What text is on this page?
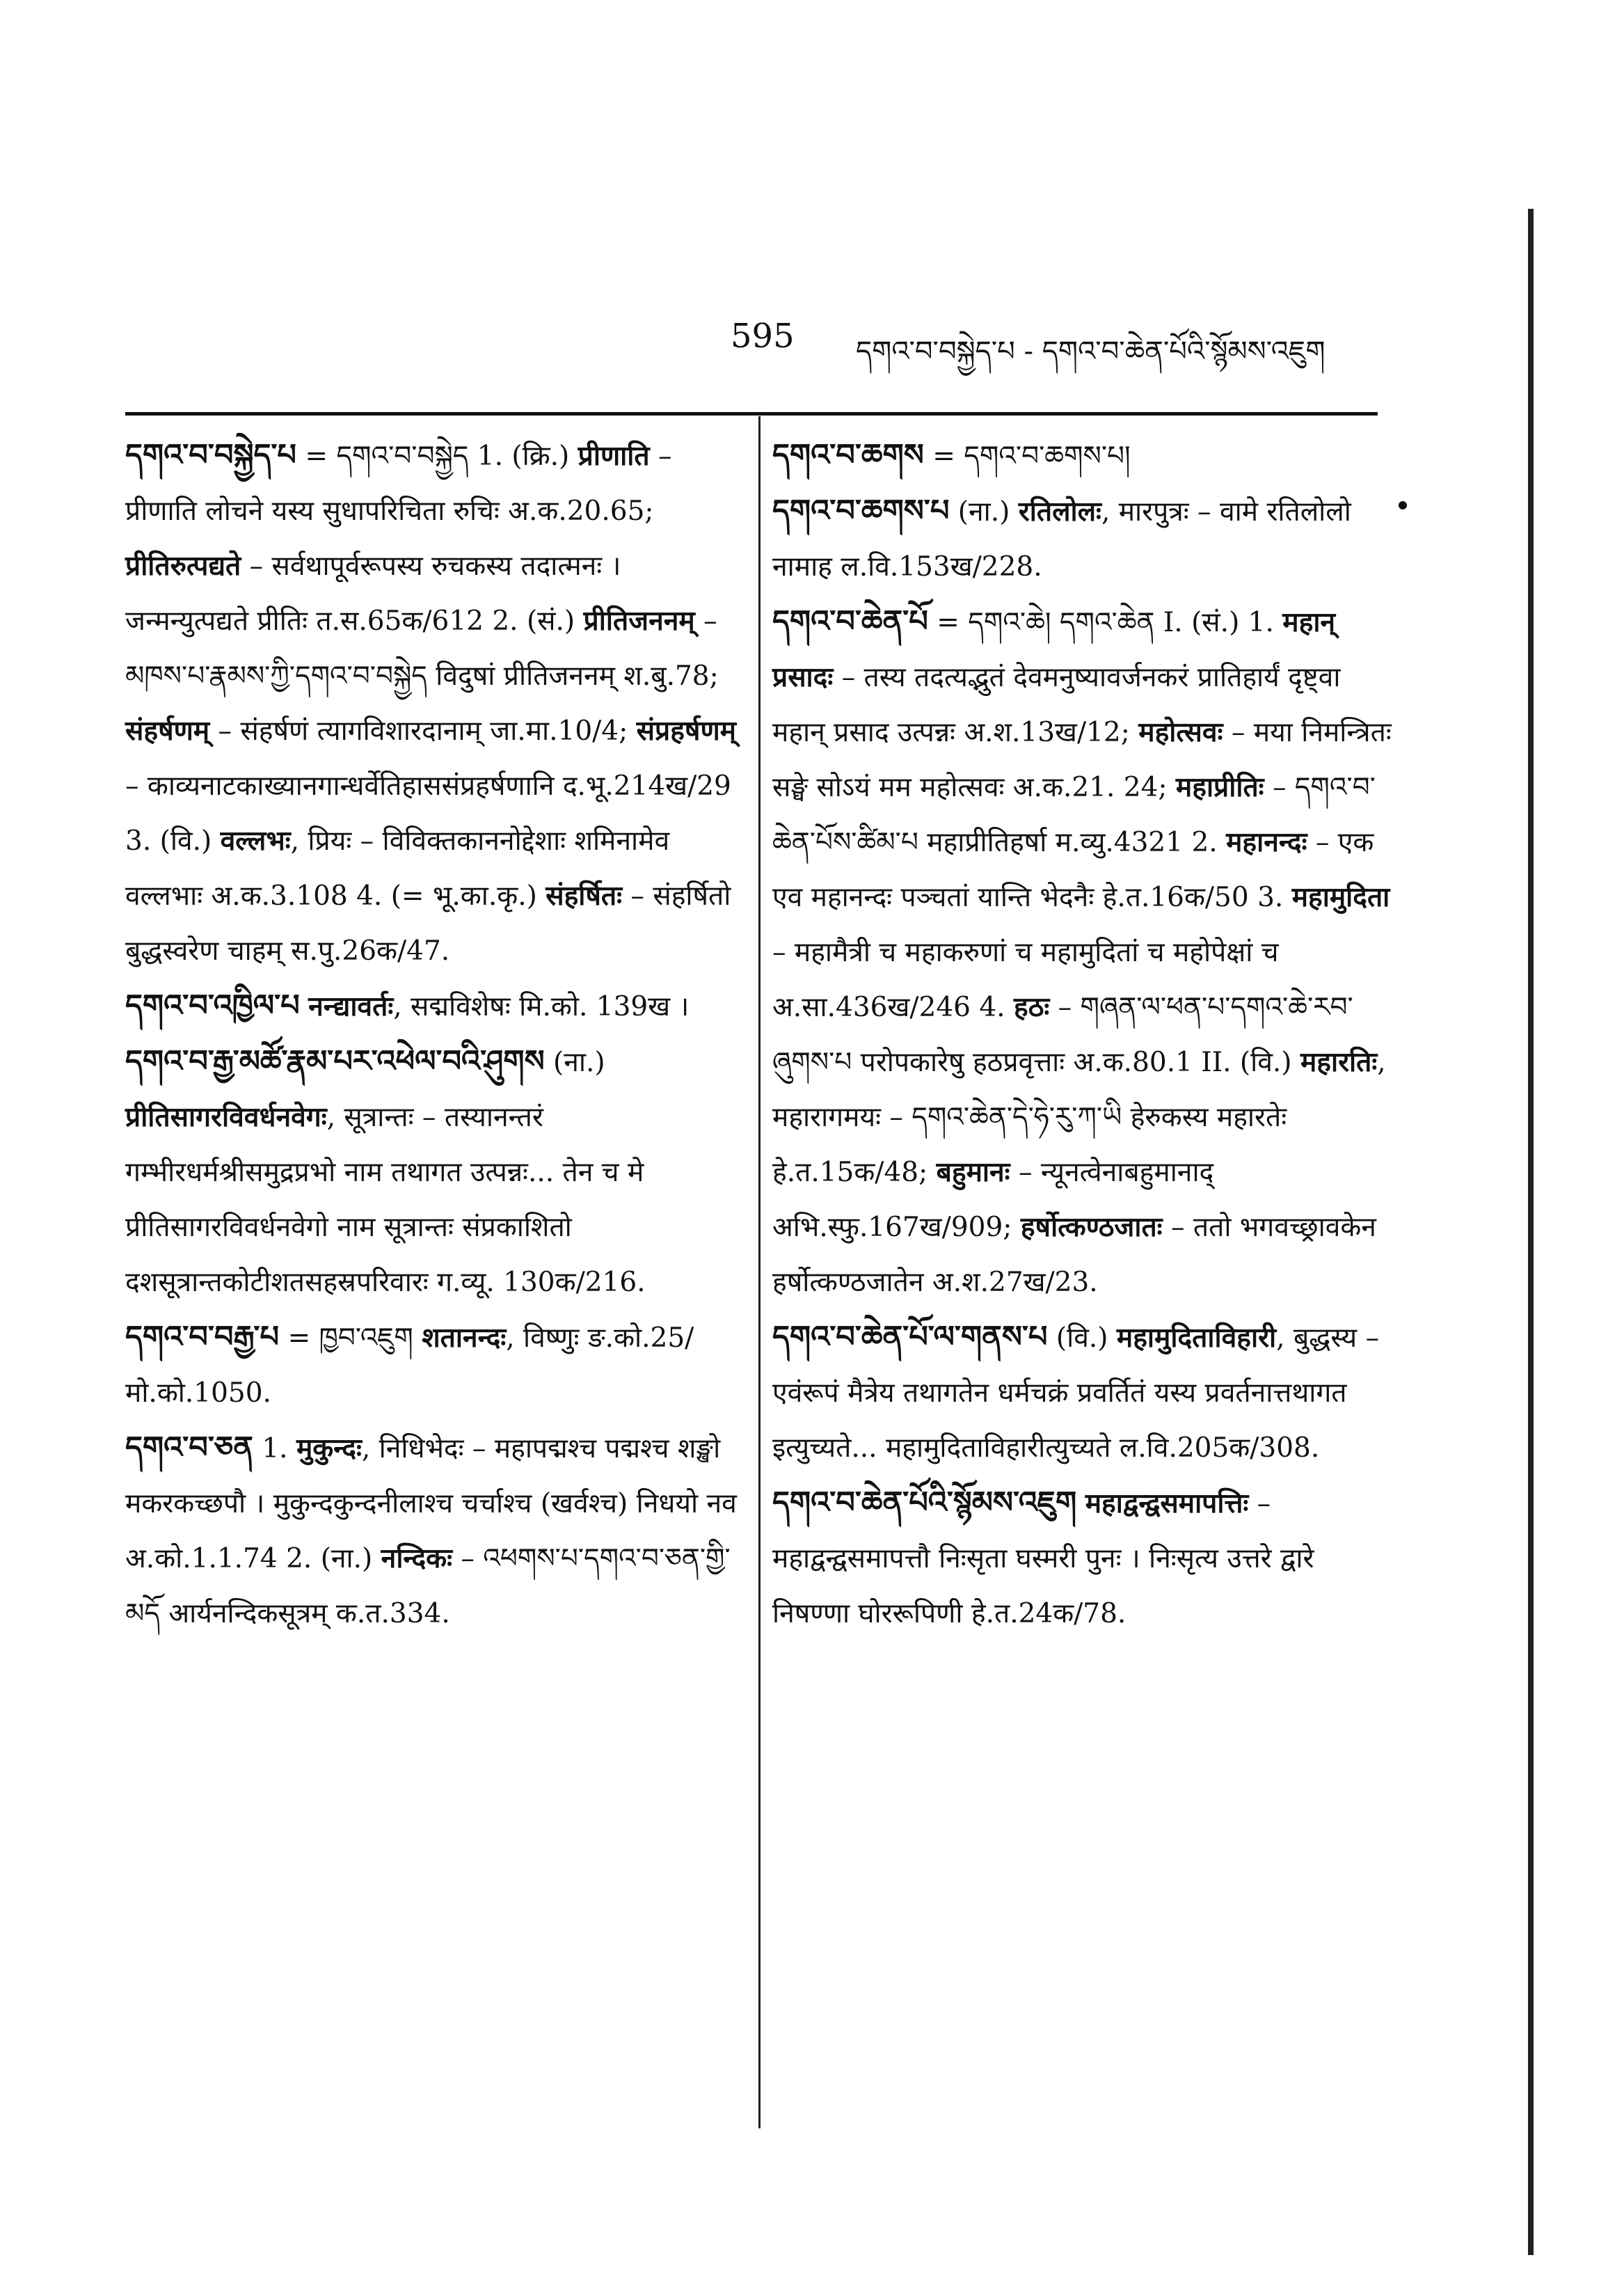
595 དགའ་བ་བསྐྱེད་པ - དགའ་བ་ཆེན་པོའི་སྙོམས་འཇུག

དགའ་བ་བསྐྱེད་པ = དགའ་བ་བསྐྱེད 1. (क्रि.) प्रीणाति – प्रीणाति लोचने यस्य सुधापरिचिता रुचिः अ.क.20.65; प्रीतिरुत्पद्यते – सर्वथापूर्वरूपस्य रुचकस्य तदात्मनः । जन्मन्युत्पद्यते प्रीतिः त.स.65क/612 2. (सं.) प्रीतिजननम् – མཁས་པ་རྣམས་ཀྱི་དགའ་བ་བསྐྱེད विदुषां प्रीतिजननम् श.बु.78; संहर्षणम् – संहर्षणं त्यागविशारदानाम् जा.मा.10/4; संप्रहर्षणम् – काव्यनाटकाख्यानगान्धर्वेतिहाससंप्रहर्षणानि द.भू.214ख/29 3. (वि.) वल्लभः, प्रियः – विविक्तकाननोद्देशाः शमिनामेव वल्लभाः अ.क.3.108 4. (= भू.का.कृ.) संहर्षितः – संहर्षितो बुद्धस्वरेण चाहम् स.पु.26क/47.

དགའ་བ་འཁྱིལ་པ नन्द्यावर्तः, सद्मविशेषः मि.को. 139ख ।

དགའ་བ་རྒྱ་མཚོ་རྣམ་པར་འཕེལ་བའི་ཤུགས (ना.) प्रीतिसागरविवर्धनवेगः, सूत्रान्तः – तस्यानन्तरं गम्भीरधर्मश्रीसमुद्रप्रभो नाम तथागत उत्पन्नः... तेन च मे प्रीतिसागरविवर्धनवेगो नाम सूत्रान्तः संप्रकाशितो दशसूत्रान्तकोटीशतसहस्रपरिवारः ग.व्यू. 130क/216.

དགའ་བ་བརྒྱ་པ = ཁྱབ་འཇུག शतानन्दः, विष्णुः ङ.को.25/मो.को.1050.

དགའ་བ་ཅན 1. मुकुन्दः, निधिभेदः – महापद्मश्च पद्मश्च शङ्खो मकरकच्छपौ । मुकुन्दकुन्दनीलाश्च चर्चाश्च (खर्वश्च) निधयो नव अ.को.1.1.74 2. (ना.) नन्दिकः – འཕགས་པ་དགའ་བ་ཅན་གྱི་མདོ आर्यनन्दिकसूत्रम् क.त.334.

དགའ་བ་ཆགས = དགའ་བ་ཆགས་པ།

དགའ་བ་ཆགས་པ (ना.) रतिलोलः, मारपुत्रः – वामे रतिलोलो नामाह ल.वि.153ख/228.

དགའ་བ་ཆེན་པོ = དགའ་ཆེ། དགའ་ཆེན I. (सं.) 1. महान् प्रसादः – तस्य तदत्यद्भुतं देवमनुष्यावर्जनकरं प्रातिहार्यं दृष्ट्वा महान् प्रसाद उत्पन्नः अ.श.13ख/12; महोत्सवः – मया निमन्त्रितः सङ्घे सोऽयं मम महोत्सवः अ.क.21. 24; महाप्रीतिः – དགའ་བ་ཆེན་པོས་ཚིམ་པ महाप्रीतिहर्षा म.व्यु.4321 2. महानन्दः – एक एव महानन्दः पञ्चतां यान्ति भेदनैः हे.त.16क/50 3. महामुदिता – महामैत्री च महाकरुणां च महामुदितां च महोपेक्षां च अ.सा.436ख/246 4. हठः – གཞན་ལ་ཕན་པ་དགའ་ཆེ་རབ་ཞུགས་པ परोपकारेषु हठप्रवृत्ताः अ.क.80.1 II. (वि.) महारतिः, महारागमयः – དགའ་ཆེན་དེ་ཧེ་རུ་ཀ་ཡི हेरुकस्य महारतेः हे.त.15क/48; बहुमानः – न्यूनत्वेनाबहुमानाद् अभि.स्फु.167ख/909; हर्षोत्कण्ठजातः – ततो भगवच्छ्रावकेन हर्षोत्कण्ठजातेन अ.श.27ख/23.

དགའ་བ་ཆེན་པོ་ལ་གནས་པ (वि.) महामुदिताविहारी, बुद्धस्य – एवंरूपं मैत्रेय तथागतेन धर्मचक्रं प्रवर्तितं यस्य प्रवर्तनात्तथागत इत्युच्यते... महामुदिताविहारीत्युच्यते ल.वि.205क/308.

དགའ་བ་ཆེན་པོའི་སྙོམས་འཇུག महाद्वन्द्वसमापत्तिः – महाद्वन्द्वसमापत्तौ निःसृता घस्मरी पुनः । निःसृत्य उत्तरे द्वारे निषण्णा घोररूपिणी हे.त.24क/78.
